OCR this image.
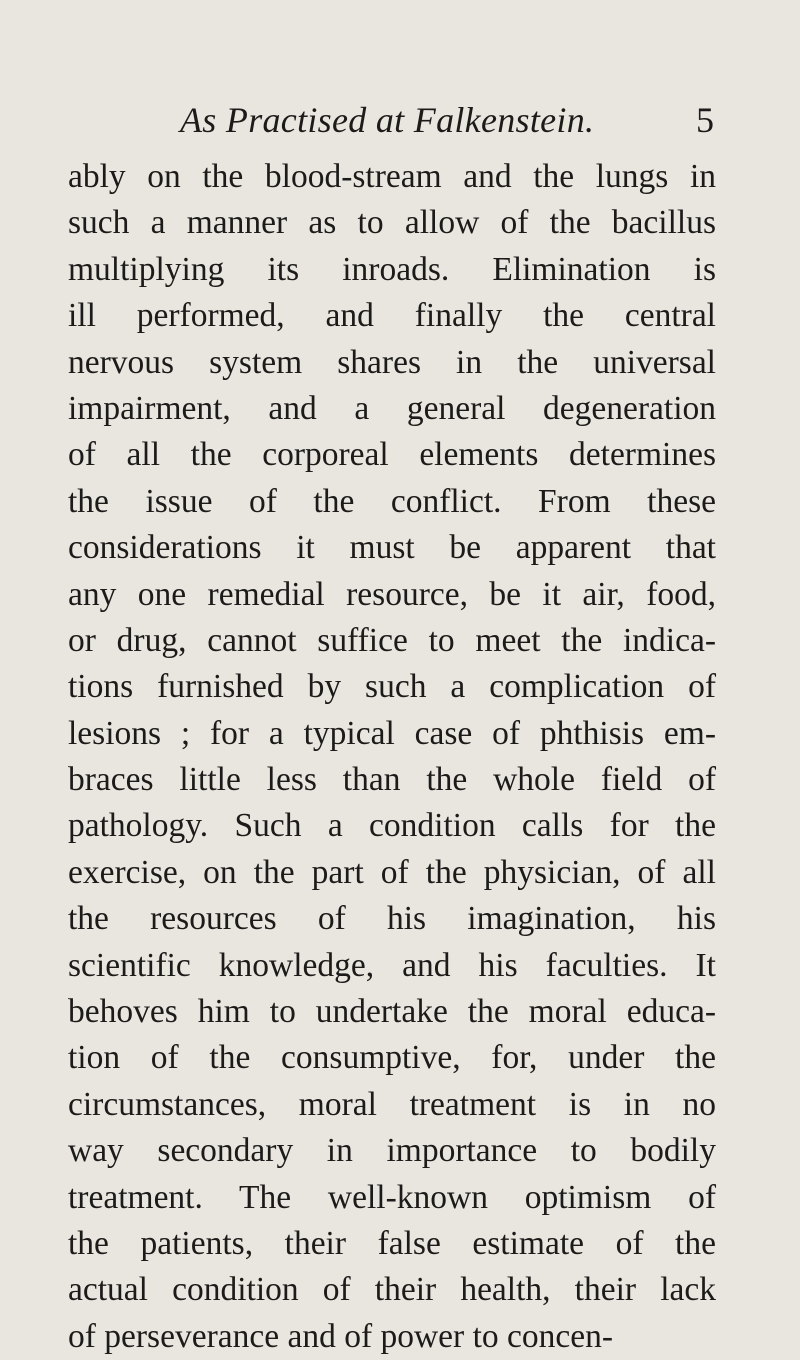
As Practised at Falkenstein.	5
ably on the blood-stream and the lungs in
such a manner as to allow of the bacillus
multiplying its inroads. Elimination is
ill performed, and finally the central
nervous system shares in the universal
impairment, and a general degeneration
of all the corporeal elements determines
the issue of the conflict. From these
considerations it must be apparent that
any one remedial resource, be it air, food,
or drug, cannot suffice to meet the indica-
tions furnished by such a complication of
lesions ; for a typical case of phthisis em-
braces little less than the whole field of
pathology. Such a condition calls for the
exercise, on the part of the physician, of all
the resources of his imagination, his
scientific knowledge, and his faculties. It
behoves him to undertake the moral educa-
tion of the consumptive, for, under the
circumstances, moral treatment is in no
way secondary in importance to bodily
treatment. The well-known optimism of
the patients, their false estimate of the
actual condition of their health, their lack
of perseverance and of power to concen-
